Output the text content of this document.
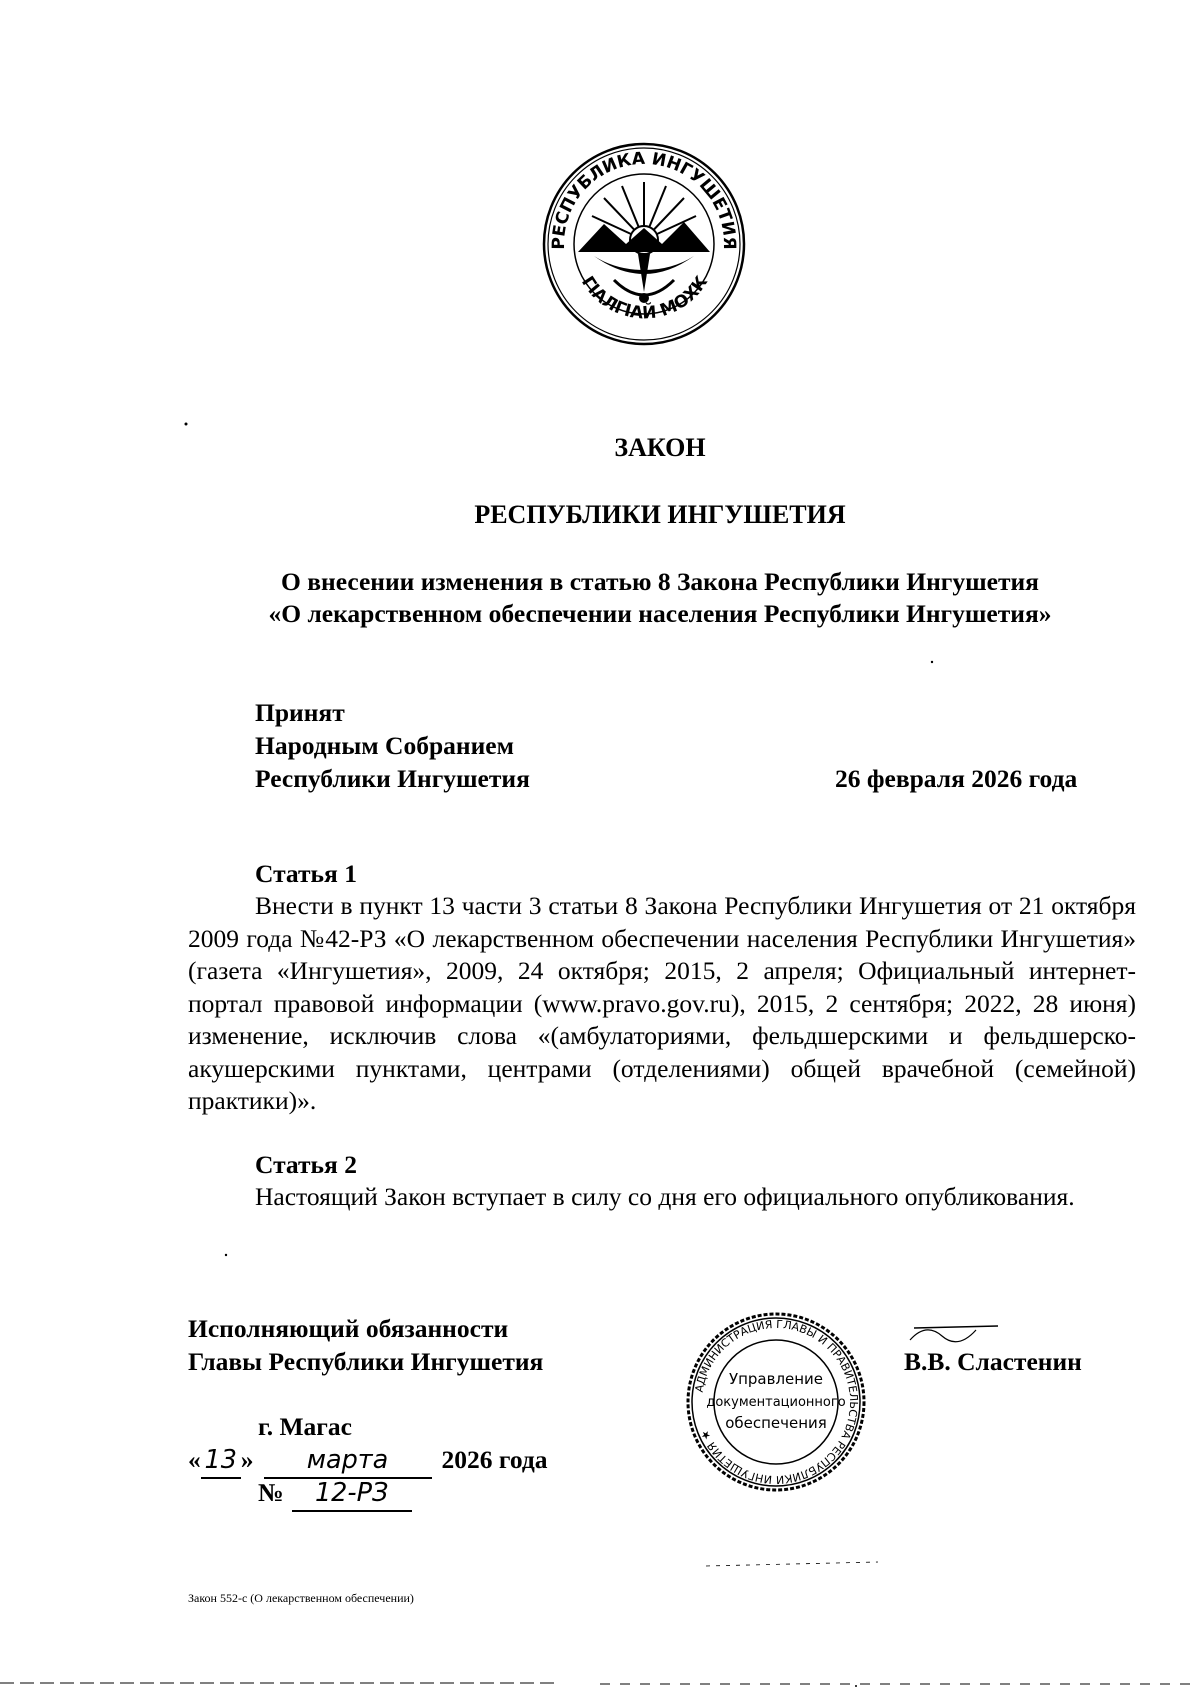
РЕСПУБЛИКА ИНГУШЕТИЯ
ГӀАЛГӀАЙ МОХК
ЗАКОН
РЕСПУБЛИКИ ИНГУШЕТИЯ
О внесении изменения в статью 8 Закона Республики Ингушетия
«О лекарственном обеспечении населения Республики Ингушетия»
Принят
Народным Собранием
Республики Ингушетия	26 февраля 2026 года
Статья 1
Внести в пункт 13 части 3 статьи 8 Закона Республики Ингушетия от 21 октября 2009 года №42-РЗ «О лекарственном обеспечении населения Республики Ингушетия» (газета «Ингушетия», 2009, 24 октября; 2015, 2 апреля; Официальный интернет-портал правовой информации (www.pravo.gov.ru), 2015, 2 сентября; 2022, 28 июня) изменение, исключив слова «(амбулаториями, фельдшерскими и фельдшерско-акушерскими пунктами, центрами (отделениями) общей врачебной (семейной) практики)».
Статья 2
Настоящий Закон вступает в силу со дня его официального опубликования.
Исполняющий обязанности
Главы Республики Ингушетия	В.В. Сластенин
АДМИНИСТРАЦИЯ ГЛАВЫ И ПРАВИТЕЛЬСТВА РЕСПУБЛИКИ ИНГУШЕТИЯ ★
Управление
документационного
обеспечения
г. Магас
« 13 » марта 2026 года
№ 12-РЗ
Закон 552-с (О лекарственном обеспечении)
